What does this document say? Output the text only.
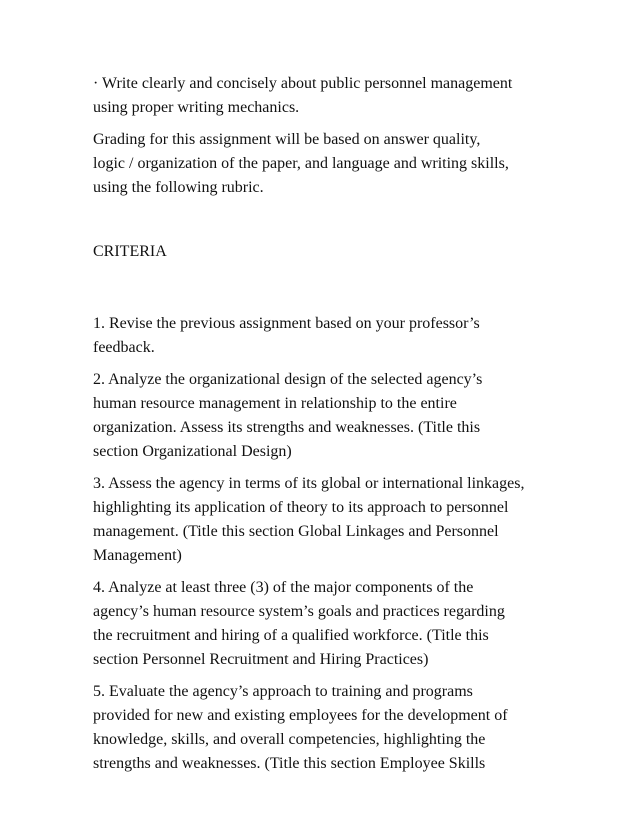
· Write clearly and concisely about public personnel management
using proper writing mechanics.

Grading for this assignment will be based on answer quality,
logic / organization of the paper, and language and writing skills,
using the following rubric.

CRITERIA

1. Revise the previous assignment based on your professor’s
feedback.

2. Analyze the organizational design of the selected agency’s
human resource management in relationship to the entire
organization. Assess its strengths and weaknesses. (Title this
section Organizational Design)

3. Assess the agency in terms of its global or international linkages,
highlighting its application of theory to its approach to personnel
management. (Title this section Global Linkages and Personnel
Management)

4. Analyze at least three (3) of the major components of the
agency’s human resource system’s goals and practices regarding
the recruitment and hiring of a qualified workforce. (Title this
section Personnel Recruitment and Hiring Practices)

5. Evaluate the agency’s approach to training and programs
provided for new and existing employees for the development of
knowledge, skills, and overall competencies, highlighting the
strengths and weaknesses. (Title this section Employee Skills
